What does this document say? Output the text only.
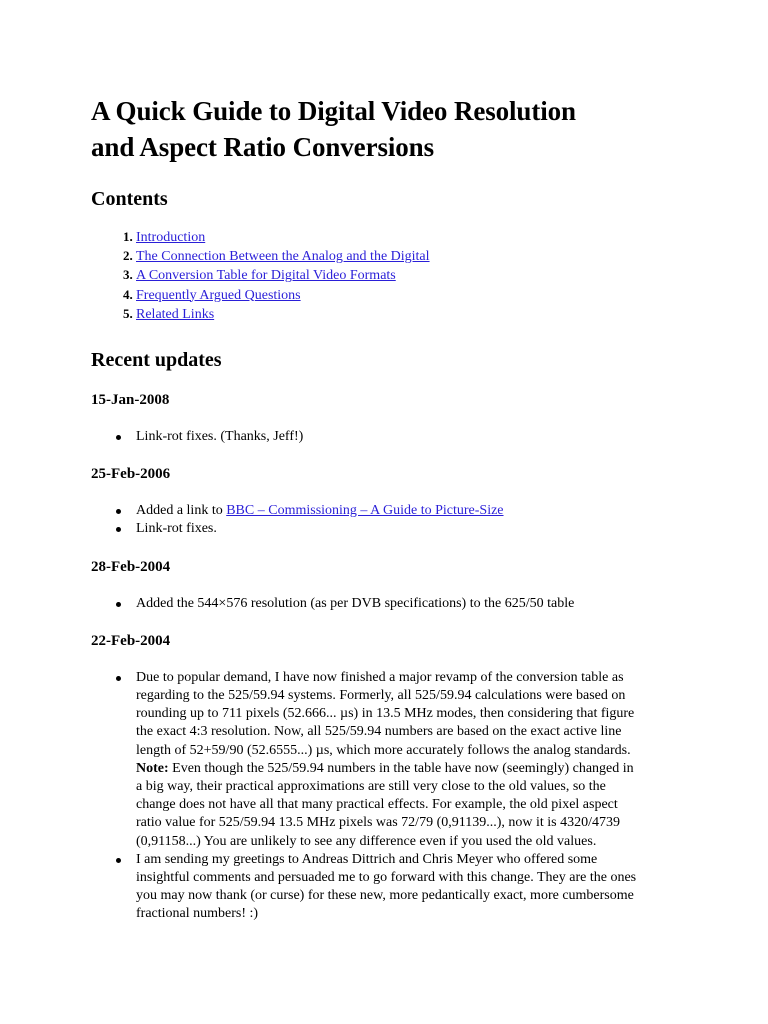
A Quick Guide to Digital Video Resolution
and Aspect Ratio Conversions
Contents
1. Introduction
2. The Connection Between the Analog and the Digital
3. A Conversion Table for Digital Video Formats
4. Frequently Argued Questions
5. Related Links
Recent updates
15-Jan-2008
Link-rot fixes. (Thanks, Jeff!)
25-Feb-2006
Added a link to BBC – Commissioning – A Guide to Picture-Size
Link-rot fixes.
28-Feb-2004
Added the 544×576 resolution (as per DVB specifications) to the 625/50 table
22-Feb-2004
Due to popular demand, I have now finished a major revamp of the conversion table as
regarding to the 525/59.94 systems. Formerly, all 525/59.94 calculations were based on
rounding up to 711 pixels (52.666... µs) in 13.5 MHz modes, then considering that figure
the exact 4:3 resolution. Now, all 525/59.94 numbers are based on the exact active line
length of 52+59/90 (52.6555...) µs, which more accurately follows the analog standards.
Note: Even though the 525/59.94 numbers in the table have now (seemingly) changed in
a big way, their practical approximations are still very close to the old values, so the
change does not have all that many practical effects. For example, the old pixel aspect
ratio value for 525/59.94 13.5 MHz pixels was 72/79 (0,91139...), now it is 4320/4739
(0,91158...) You are unlikely to see any difference even if you used the old values.
I am sending my greetings to Andreas Dittrich and Chris Meyer who offered some
insightful comments and persuaded me to go forward with this change. They are the ones
you may now thank (or curse) for these new, more pedantically exact, more cumbersome
fractional numbers! :)
